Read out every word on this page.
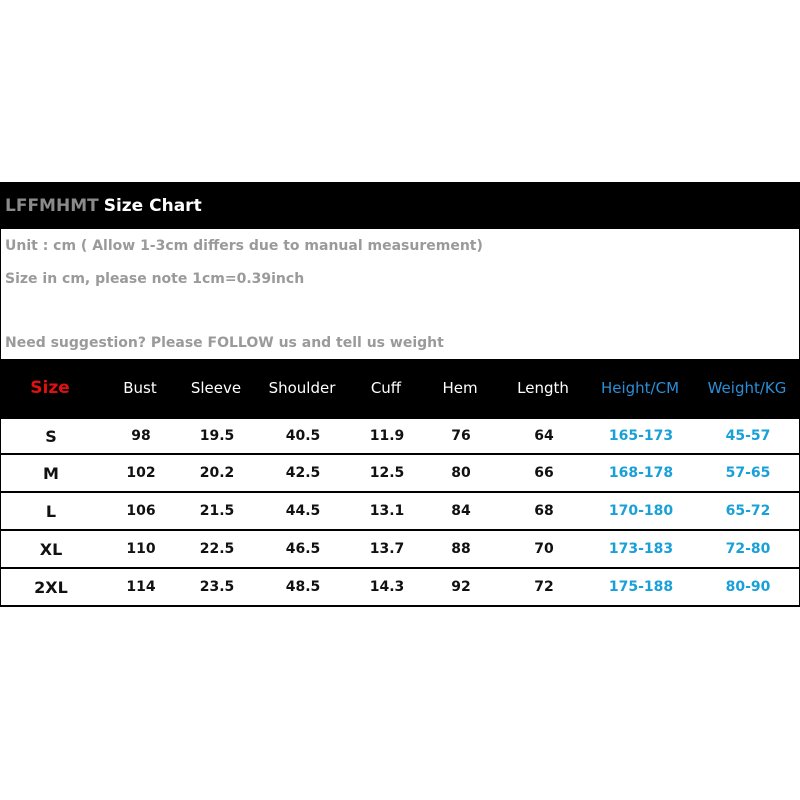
LFFMHMT Size Chart
Unit : cm ( Allow 1-3cm differs due to manual measurement)
Size in cm, please note 1cm=0.39inch
Need suggestion? Please FOLLOW us and tell us weight
Size	Bust	Sleeve	Shoulder	Cuff	Hem	Length	Height/CM	Weight/KG
S	98	19.5	40.5	11.9	76	64	165-173	45-57
M	102	20.2	42.5	12.5	80	66	168-178	57-65
L	106	21.5	44.5	13.1	84	68	170-180	65-72
XL	110	22.5	46.5	13.7	88	70	173-183	72-80
2XL	114	23.5	48.5	14.3	92	72	175-188	80-90
